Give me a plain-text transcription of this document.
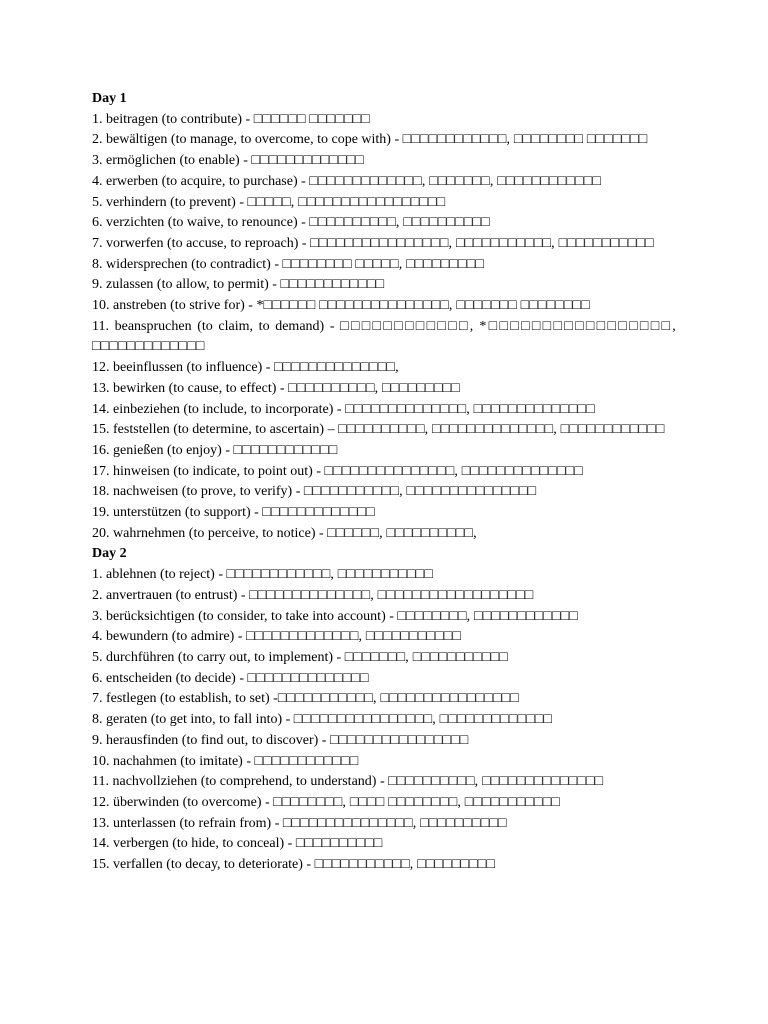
Day 1
1. beitragen (to contribute) - □□□□□□ □□□□□□□
2. bewältigen (to manage, to overcome, to cope with) - □□□□□□□□□□□□, □□□□□□□□ □□□□□□□
3. ermöglichen (to enable) - □□□□□□□□□□□□□
4. erwerben (to acquire, to purchase) - □□□□□□□□□□□□□, □□□□□□□, □□□□□□□□□□□□
5. verhindern (to prevent) - □□□□□, □□□□□□□□□□□□□□□□□
6. verzichten (to waive, to renounce) - □□□□□□□□□□, □□□□□□□□□□
7. vorwerfen (to accuse, to reproach) - □□□□□□□□□□□□□□□□, □□□□□□□□□□□, □□□□□□□□□□□
8. widersprechen (to contradict) - □□□□□□□□ □□□□□, □□□□□□□□□
9. zulassen (to allow, to permit) - □□□□□□□□□□□□
10. anstreben (to strive for) - *□□□□□□ □□□□□□□□□□□□□□□, □□□□□□□ □□□□□□□□
11. beanspruchen (to claim, to demand) - □□□□□□□□□□□□, *□□□□□□□□□□□□□□□□□, □□□□□□□□□□□□□
12. beeinflussen (to influence) - □□□□□□□□□□□□□□,
13. bewirken (to cause, to effect) - □□□□□□□□□□, □□□□□□□□□
14. einbeziehen (to include, to incorporate) - □□□□□□□□□□□□□□, □□□□□□□□□□□□□□
15. feststellen (to determine, to ascertain) – □□□□□□□□□□, □□□□□□□□□□□□□□, □□□□□□□□□□□□
16. genießen (to enjoy) - □□□□□□□□□□□□
17. hinweisen (to indicate, to point out) - □□□□□□□□□□□□□□□, □□□□□□□□□□□□□□
18. nachweisen (to prove, to verify) - □□□□□□□□□□□, □□□□□□□□□□□□□□□
19. unterstützen (to support) - □□□□□□□□□□□□□
20. wahrnehmen (to perceive, to notice) - □□□□□□, □□□□□□□□□□,
Day 2
1. ablehnen (to reject) - □□□□□□□□□□□□, □□□□□□□□□□□
2. anvertrauen (to entrust) - □□□□□□□□□□□□□□, □□□□□□□□□□□□□□□□□□
3. berücksichtigen (to consider, to take into account) - □□□□□□□□, □□□□□□□□□□□□
4. bewundern (to admire) - □□□□□□□□□□□□□, □□□□□□□□□□□
5. durchführen (to carry out, to implement) - □□□□□□□, □□□□□□□□□□□
6. entscheiden (to decide) - □□□□□□□□□□□□□□
7. festlegen (to establish, to set) -□□□□□□□□□□□, □□□□□□□□□□□□□□□□
8. geraten (to get into, to fall into) - □□□□□□□□□□□□□□□□, □□□□□□□□□□□□□
9. herausfinden (to find out, to discover) - □□□□□□□□□□□□□□□□
10. nachahmen (to imitate) - □□□□□□□□□□□□
11. nachvollziehen (to comprehend, to understand) - □□□□□□□□□□, □□□□□□□□□□□□□□
12. überwinden (to overcome) - □□□□□□□□, □□□□ □□□□□□□□, □□□□□□□□□□□
13. unterlassen (to refrain from) - □□□□□□□□□□□□□□□, □□□□□□□□□□
14. verbergen (to hide, to conceal) - □□□□□□□□□□
15. verfallen (to decay, to deteriorate) - □□□□□□□□□□□, □□□□□□□□□
